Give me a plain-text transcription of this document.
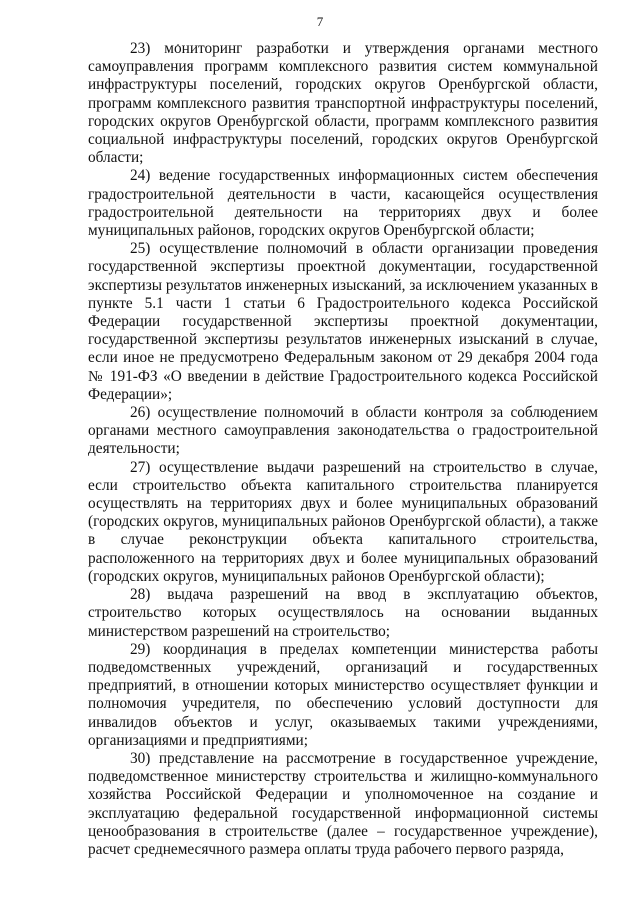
7

23) мониторинг разработки и утверждения органами местного самоуправления программ комплексного развития систем коммунальной инфраструктуры поселений, городских округов Оренбургской области, программ комплексного развития транспортной инфраструктуры поселений, городских округов Оренбургской области, программ комплексного развития социальной инфраструктуры поселений, городских округов Оренбургской области;

24) ведение государственных информационных систем обеспечения градостроительной деятельности в части, касающейся осуществления градостроительной деятельности на территориях двух и более муниципальных районов, городских округов Оренбургской области;

25) осуществление полномочий в области организации проведения государственной экспертизы проектной документации, государственной экспертизы результатов инженерных изысканий, за исключением указанных в пункте 5.1 части 1 статьи 6 Градостроительного кодекса Российской Федерации государственной экспертизы проектной документации, государственной экспертизы результатов инженерных изысканий в случае, если иное не предусмотрено Федеральным законом от 29 декабря 2004 года № 191-ФЗ «О введении в действие Градостроительного кодекса Российской Федерации»;

26) осуществление полномочий в области контроля за соблюдением органами местного самоуправления законодательства о градостроительной деятельности;

27) осуществление выдачи разрешений на строительство в случае, если строительство объекта капитального строительства планируется осуществлять на территориях двух и более муниципальных образований (городских округов, муниципальных районов Оренбургской области), а также в случае реконструкции объекта капитального строительства, расположенного на территориях двух и более муниципальных образований (городских округов, муниципальных районов Оренбургской области);

28) выдача разрешений на ввод в эксплуатацию объектов, строительство которых осуществлялось на основании выданных министерством разрешений на строительство;

29) координация в пределах компетенции министерства работы подведомственных учреждений, организаций и государственных предприятий, в отношении которых министерство осуществляет функции и полномочия учредителя, по обеспечению условий доступности для инвалидов объектов и услуг, оказываемых такими учреждениями, организациями и предприятиями;

30) представление на рассмотрение в государственное учреждение, подведомственное министерству строительства и жилищно-коммунального хозяйства Российской Федерации и уполномоченное на создание и эксплуатацию федеральной государственной информационной системы ценообразования в строительстве (далее – государственное учреждение), расчет среднемесячного размера оплаты труда рабочего первого разряда,
